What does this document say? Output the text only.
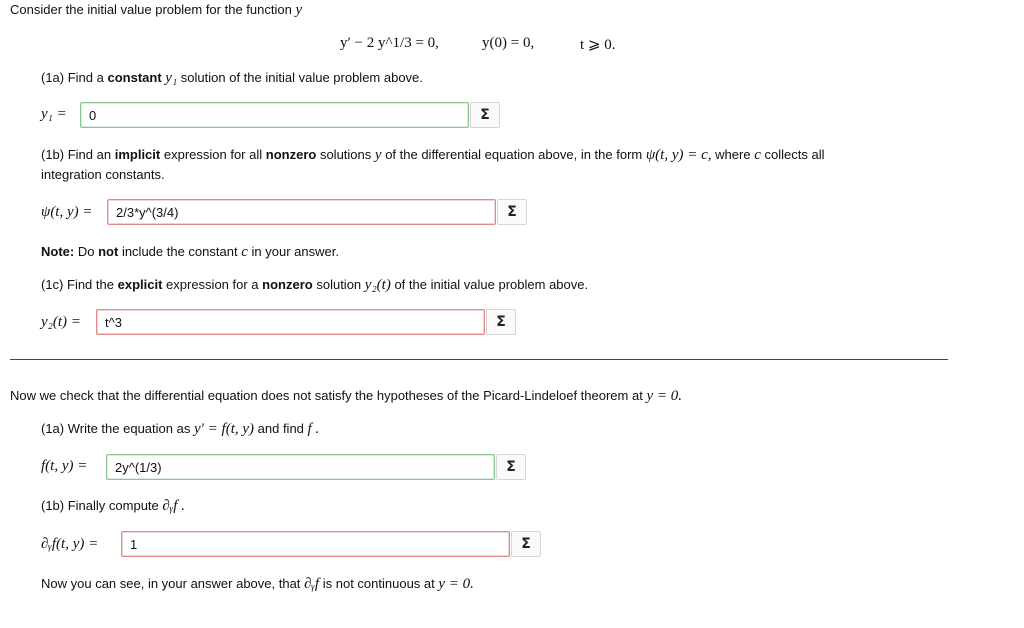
Consider the initial value problem for the function y
y′ − 2 y^1/3 = 0,	y(0) = 0,	t ⩾ 0.
(1a) Find a constant y₁ solution of the initial value problem above.
y₁ =
0	Σ
(1b) Find an implicit expression for all nonzero solutions y of the differential equation above, in the form ψ(t, y) = c, where c collects all
integration constants.
ψ(t, y) =
2/3*y^(3/4)	Σ
Note: Do not include the constant c in your answer.
(1c) Find the explicit expression for a nonzero solution y₂(t) of the initial value problem above.
y₂(t) =
t^3	Σ
Now we check that the differential equation does not satisfy the hypotheses of the Picard-Lindeloef theorem at y = 0.
(1a) Write the equation as y′ = f(t, y) and find f .
f(t, y) =
2y^(1/3)	Σ
(1b) Finally compute ∂ᵧf .
∂ᵧf(t, y) =
1	Σ
Now you can see, in your answer above, that ∂ᵧf is not continuous at y = 0.
